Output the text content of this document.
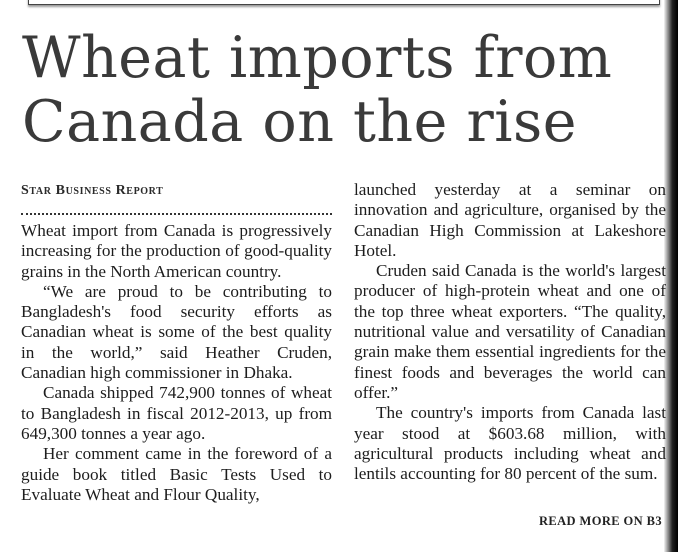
Wheat imports from
Canada on the rise
Star Business Report

Wheat import from Canada is progressively increasing for the production of good-quality grains in the North American country.

“We are proud to be contributing to Bangladesh's food security efforts as Canadian wheat is some of the best quality in the world,” said Heather Cruden, Canadian high commissioner in Dhaka.

Canada shipped 742,900 tonnes of wheat to Bangladesh in fiscal 2012-2013, up from 649,300 tonnes a year ago.

Her comment came in the foreword of a guide book titled Basic Tests Used to Evaluate Wheat and Flour Quality,

launched yesterday at a seminar on innovation and agriculture, organised by the Canadian High Commission at Lakeshore Hotel.

Cruden said Canada is the world's largest producer of high-protein wheat and one of the top three wheat exporters. “The quality, nutritional value and versatility of Canadian grain make them essential ingredients for the finest foods and beverages the world can offer.”

The country's imports from Canada last year stood at $603.68 million, with agricultural products including wheat and lentils accounting for 80 percent of the sum.

READ MORE ON B3
